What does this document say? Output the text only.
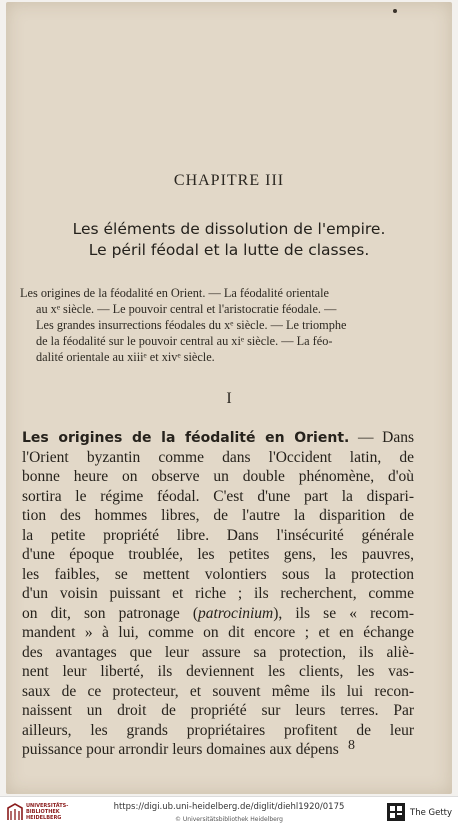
CHAPITRE III
Les éléments de dissolution de l'empire.
Le péril féodal et la lutte de classes.
Les origines de la féodalité en Orient. — La féodalité orientale
au xᵉ siècle. — Le pouvoir central et l'aristocratie féodale. —
Les grandes insurrections féodales du xᵉ siècle. — Le triomphe
de la féodalité sur le pouvoir central au xiᵉ siècle. — La féo-
dalité orientale au xiiiᵉ et xivᵉ siècle.
I
Les origines de la féodalité en Orient. — Dans
l'Orient byzantin comme dans l'Occident latin, de
bonne heure on observe un double phénomène, d'où
sortira le régime féodal. C'est d'une part la dispari-
tion des hommes libres, de l'autre la disparition de
la petite propriété libre. Dans l'insécurité générale
d'une époque troublée, les petites gens, les pauvres,
les faibles, se mettent volontiers sous la protection
d'un voisin puissant et riche ; ils recherchent, comme
on dit, son patronage (patrocinium), ils se « recom-
mandent » à lui, comme on dit encore ; et en échange
des avantages que leur assure sa protection, ils aliè-
nent leur liberté, ils deviennent les clients, les vas-
saux de ce protecteur, et souvent même ils lui recon-
naissent un droit de propriété sur leurs terres. Par
ailleurs, les grands propriétaires profitent de leur
puissance pour arrondir leurs domaines aux dépens 8
UNIVERSITÄTS-
BIBLIOTHEK
HEIDELBERG
https://digi.ub.uni-heidelberg.de/diglit/diehl1920/0175
© Universitätsbibliothek Heidelberg
The Getty
